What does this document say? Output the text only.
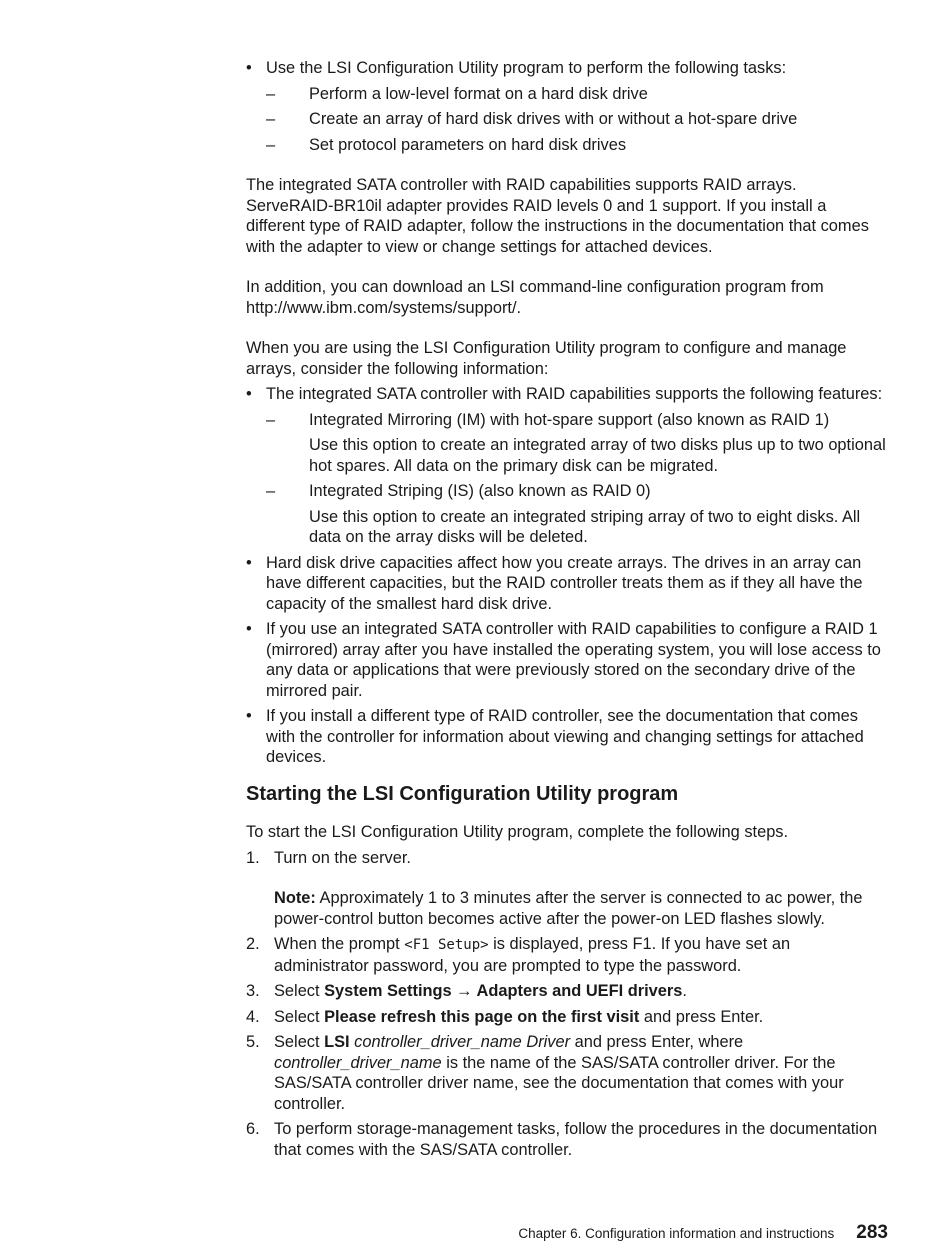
• Use the LSI Configuration Utility program to perform the following tasks:

– Perform a low-level format on a hard disk drive

– Create an array of hard disk drives with or without a hot-spare drive

– Set protocol parameters on hard disk drives

The integrated SATA controller with RAID capabilities supports RAID arrays. ServeRAID-BR10il adapter provides RAID levels 0 and 1 support. If you install a different type of RAID adapter, follow the instructions in the documentation that comes with the adapter to view or change settings for attached devices.

In addition, you can download an LSI command-line configuration program from http://www.ibm.com/systems/support/.

When you are using the LSI Configuration Utility program to configure and manage arrays, consider the following information:

• The integrated SATA controller with RAID capabilities supports the following features:

– Integrated Mirroring (IM) with hot-spare support (also known as RAID 1)

Use this option to create an integrated array of two disks plus up to two optional hot spares. All data on the primary disk can be migrated.

– Integrated Striping (IS) (also known as RAID 0)

Use this option to create an integrated striping array of two to eight disks. All data on the array disks will be deleted.

• Hard disk drive capacities affect how you create arrays. The drives in an array can have different capacities, but the RAID controller treats them as if they all have the capacity of the smallest hard disk drive.

• If you use an integrated SATA controller with RAID capabilities to configure a RAID 1 (mirrored) array after you have installed the operating system, you will lose access to any data or applications that were previously stored on the secondary drive of the mirrored pair.

• If you install a different type of RAID controller, see the documentation that comes with the controller for information about viewing and changing settings for attached devices.

Starting the LSI Configuration Utility program

To start the LSI Configuration Utility program, complete the following steps.

1. Turn on the server.

Note: Approximately 1 to 3 minutes after the server is connected to ac power, the power-control button becomes active after the power-on LED flashes slowly.

2. When the prompt <F1 Setup> is displayed, press F1. If you have set an administrator password, you are prompted to type the password.

3. Select System Settings → Adapters and UEFI drivers.

4. Select Please refresh this page on the first visit and press Enter.

5. Select LSI controller_driver_name Driver and press Enter, where controller_driver_name is the name of the SAS/SATA controller driver. For the SAS/SATA controller driver name, see the documentation that comes with your controller.

6. To perform storage-management tasks, follow the procedures in the documentation that comes with the SAS/SATA controller.

Chapter 6. Configuration information and instructions 283
